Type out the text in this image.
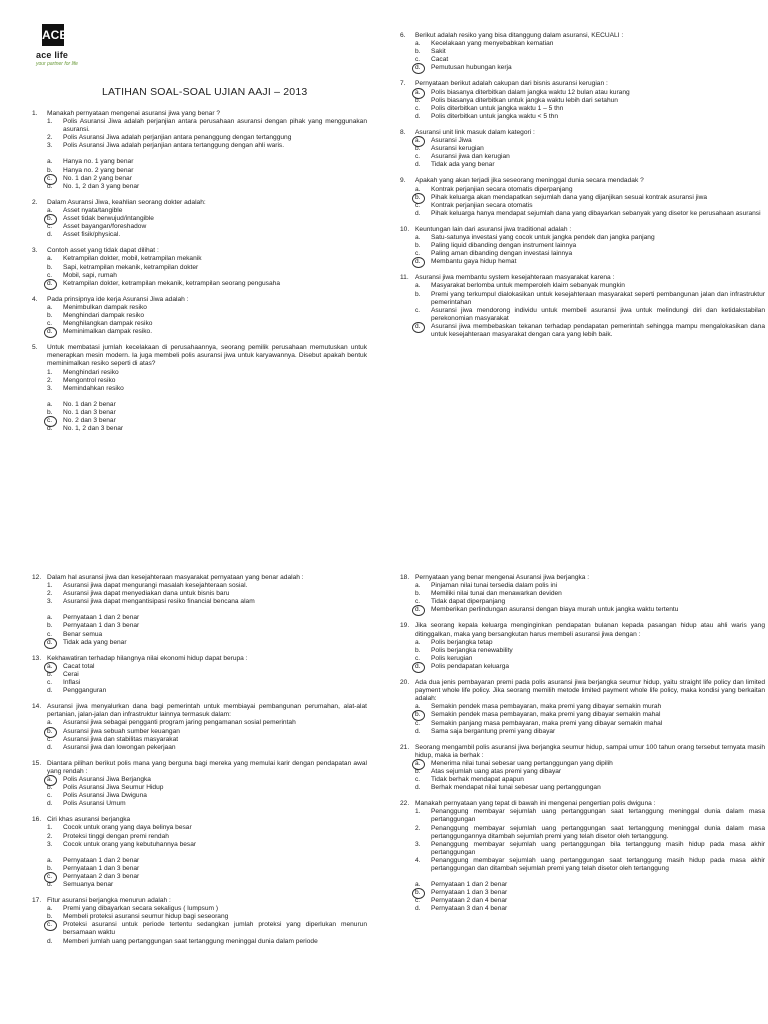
ACE
ace life
your partner for life
LATIHAN SOAL-SOAL UJIAN AAJI – 2013
1.	Manakah pernyataan mengenai asuransi jiwa yang benar ?
1.	Polis Asuransi Jiwa adalah perjanjian antara perusahaan asuransi dengan pihak yang menggunakan asuransi.
2.	Polis Asuransi Jiwa adalah perjanjian antara penanggung dengan tertanggung
3.	Polis Asuransi Jiwa adalah perjanjian antara tertanggung dengan ahli waris.
a.	Hanya no. 1 yang benar
b.	Hanya no. 2 yang benar
c.	No. 1 dan 2 yang benar
d.	No. 1, 2 dan 3 yang benar
2.	Dalam Asuransi Jiwa, keahlian seorang dokter adalah:
a.	Asset nyata/tangible
b.	Asset tidak berwujud/intangible
c.	Asset bayangan/foreshadow
d.	Asset fisik/physical.
3.	Contoh asset yang tidak dapat dilihat :
a.	Ketrampilan dokter, mobil, ketrampilan mekanik
b.	Sapi, ketrampilan mekanik, ketrampilan dokter
c.	Mobil, sapi, rumah
d.	Ketrampilan dokter, ketrampilan mekanik, ketrampilan seorang pengusaha
4.	Pada prinsipnya ide kerja Asuransi Jiwa adalah :
a.	Menimbulkan dampak resiko
b.	Menghindari dampak resiko
c.	Menghilangkan dampak resiko
d.	Meminimalkan dampak resiko.
5.	Untuk membatasi jumlah kecelakaan di perusahaannya, seorang pemilik perusahaan memutuskan untuk menerapkan mesin modern. Ia juga membeli polis asuransi jiwa untuk karyawannya. Disebut apakah bentuk meminimalkan resiko seperti di atas?
1.	Menghindari resiko
2.	Mengontrol resiko
3.	Memindahkan resiko
a.	No. 1 dan 2 benar
b.	No. 1 dan 3 benar
c.	No. 2 dan 3 benar
d.	No. 1, 2 dan 3 benar
6.	Berikut adalah resiko yang bisa ditanggung dalam asuransi, KECUALI :
a.	Kecelakaan yang menyebabkan kematian
b.	Sakit
c.	Cacat
d.	Pemutusan hubungan kerja
7.	Pernyataan berikut adalah cakupan dari bisnis asuransi kerugian :
a.	Polis biasanya diterbitkan dalam jangka waktu 12 bulan atau kurang
b.	Polis biasanya diterbitkan untuk jangka waktu lebih dari setahun
c.	Polis diterbitkan untuk jangka waktu 1 – 5 thn
d.	Polis diterbitkan untuk jangka waktu < 5 thn
8.	Asuransi unit link masuk dalam kategori :
a.	Asuransi Jiwa
b.	Asuransi kerugian
c.	Asuransi jiwa dan kerugian
d.	Tidak ada yang benar
9.	Apakah yang akan terjadi jika seseorang meninggal dunia secara mendadak ?
a.	Kontrak perjanjian secara otomatis diperpanjang
b.	Pihak keluarga akan mendapatkan sejumlah dana yang dijanjikan sesuai kontrak asuransi jiwa
c.	Kontrak perjanjian secara otomatis
d.	Pihak keluarga hanya mendapat sejumlah dana yang dibayarkan sebanyak yang disetor ke perusahaan asuransi
10. Keuntungan lain dari asuransi jiwa traditional adalah :
a.	Satu-satunya investasi yang cocok untuk jangka pendek dan jangka panjang
b.	Paling liquid dibanding dengan instrument lainnya
c.	Paling aman dibanding dengan investasi lainnya
d.	Membantu gaya hidup hemat
11. Asuransi jiwa membantu system kesejahteraan masyarakat karena :
a.	Masyarakat berlomba untuk memperoleh klaim sebanyak mungkin
b.	Premi yang terkumpul dialokasikan untuk kesejahteraan masyarakat seperti pembangunan jalan dan infrastruktur pemerintahan
c.	Asuransi jiwa mendorong individu untuk membeli asuransi jiwa untuk melindungi diri dan ketidakstabilan perekonomian masyarakat
d.	Asuransi jiwa membebaskan tekanan terhadap pendapatan pemerintah sehingga mampu mengalokasikan dana untuk kesejahteraan masyarakat dengan cara yang lebih baik.
12. Dalam hal asuransi jiwa dan kesejahteraan masyarakat pernyataan yang benar adalah :
1.	Asuransi jiwa dapat mengurangi masalah kesejahteraan sosial.
2.	Asuransi jiwa dapat menyediakan dana untuk bisnis baru
3.	Asuransi jiwa dapat mengantisipasi resiko financial bencana alam
a.	Pernyataan 1 dan 2 benar
b.	Pernyataan 1 dan 3 benar
c.	Benar semua
d.	Tidak ada yang benar
13. Kekhawatiran terhadap hilangnya nilai ekonomi hidup dapat berupa :
a.	Cacat total
b.	Cerai
c.	Inflasi
d.	Pengganguran
14. Asuransi jiwa menyalurkan dana bagi pemerintah untuk membiayai pembangunan perumahan, alat-alat pertanian, jalan-jalan dan infrastruktur lainnya termasuk dalam:
a.	Asuransi jiwa sebagai pengganti program jaring pengamanan sosial pemerintah
b.	Asuransi jiwa sebuah sumber keuangan
c.	Asuransi jiwa dan stabilitas masyarakat
d.	Asuransi jiwa dan lowongan pekerjaan
15. Diantara pilihan berikut polis mana yang berguna bagi mereka yang memulai karir dengan pendapatan awal yang rendah :
a.	Polis Asuransi Jiwa Berjangka
b.	Polis Asuransi Jiwa Seumur Hidup
c.	Polis Asuransi Jiwa Dwiguna
d.	Polis Asuransi Umum
16. Ciri khas asuransi berjangka
1.	Cocok untuk orang yang daya belinya besar
2.	Proteksi tinggi dengan premi rendah
3.	Cocok untuk orang yang kebutuhannya besar
a.	Pernyataan 1 dan 2 benar
b.	Pernyataan 1 dan 3 benar
c.	Pernyataan 2 dan 3 benar
d.	Semuanya benar
17. Fitur asuransi berjangka menurun adalah :
a.	Premi yang dibayarkan secara sekaligus ( lumpsum )
b.	Membeli proteksi asuransi seumur hidup bagi seseorang
c.	Proteksi asuransi untuk periode tertentu sedangkan jumlah proteksi yang diperlukan menurun bersamaan waktu
d.	Memberi jumlah uang pertanggungan saat tertanggung meninggal dunia dalam periode
18. Pernyataan yang benar mengenai Asuransi jiwa berjangka :
a.	Pinjaman nilai tunai tersedia dalam polis ini
b.	Memiliki nilai tunai dan menawarkan deviden
c.	Tidak dapat diperpanjang
d.	Memberikan perlindungan asuransi dengan biaya murah untuk jangka waktu tertentu
19. Jika seorang kepala keluarga menginginkan pendapatan bulanan kepada pasangan hidup atau ahli waris yang ditinggalkan, maka yang bersangkutan harus membeli asuransi jiwa dengan :
a.	Polis berjangka tetap
b.	Polis berjangka renewability
c.	Polis kerugian
d.	Polis pendapatan keluarga
20. Ada dua jenis pembayaran premi pada polis asuransi jiwa berjangka seumur hidup, yaitu straight life policy dan limited payment whole life policy. Jika seorang memilih metode limited payment whole life policy, maka kondisi yang berkaitan adalah:
a.	Semakin pendek masa pembayaran, maka premi yang dibayar semakin murah
b.	Semakin pendek masa pembayaran, maka premi yang dibayar semakin mahal
c.	Semakin panjang masa pembayaran, maka premi yang dibayar semakin mahal
d.	Sama saja bergantung premi yang dibayar
21. Seorang mengambil polis asuransi jiwa berjangka seumur hidup, sampai umur 100 tahun orang tersebut ternyata masih hidup, maka ia berhak :
a.	Menerima nilai tunai sebesar uang pertanggungan yang dipilih
b.	Atas sejumlah uang atas premi yang dibayar
c.	Tidak berhak mendapat apapun
d.	Berhak mendapat nilai tunai sebesar uang pertanggungan
22. Manakah pernyataan yang tepat di bawah ini mengenai pengertian polis dwiguna :
1.	Penanggung membayar sejumlah uang pertanggungan saat tertanggung meninggal dunia dalam masa pertanggungan
2.	Penanggung membayar sejumlah uang pertanggungan saat tertanggung meninggal dunia dalam masa pertanggungannya ditambah sejumlah premi yang telah disetor oleh tertanggung.
3.	Penanggung membayar sejumlah uang pertanggungan bila tertanggung masih hidup pada masa akhir pertanggungan
4.	Penanggung membayar sejumlah uang pertanggungan saat tertanggung masih hidup pada masa akhir pertanggungan dan ditambah sejumlah premi yang telah disetor oleh tertanggung
a.	Pernyataan 1 dan 2 benar
b.	Pernyataan 1 dan 3 benar
c.	Pernyataan 2 dan 4 benar
d.	Pernyataan 3 dan 4 benar
